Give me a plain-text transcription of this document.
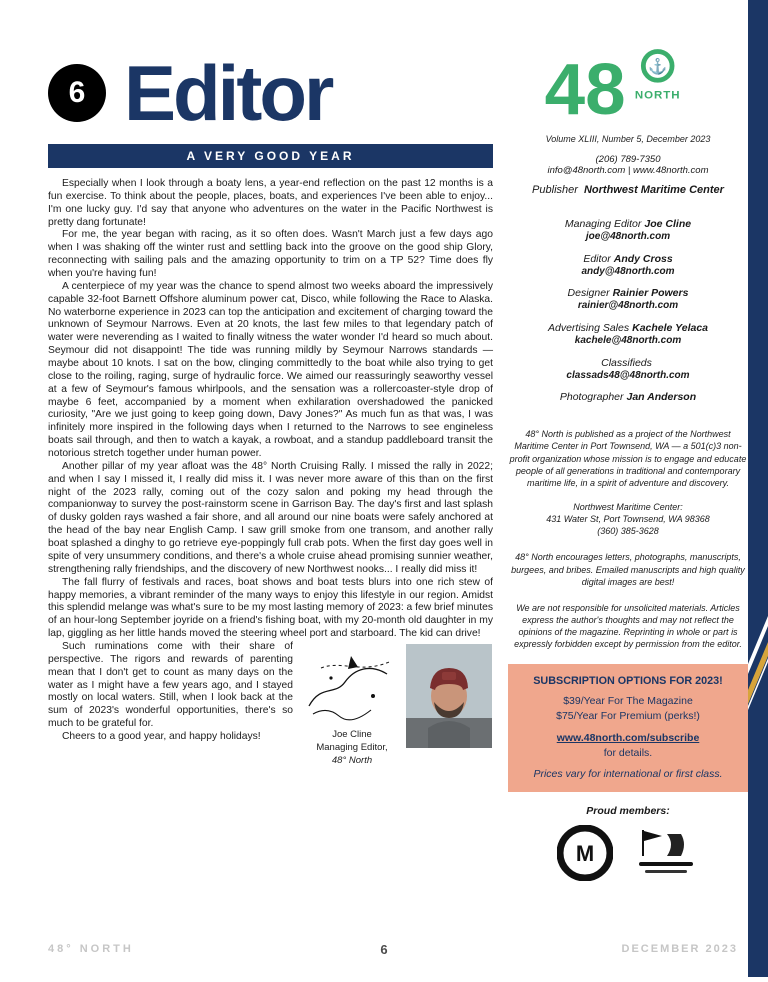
6 Editor
A VERY GOOD YEAR

Especially when I look through a boaty lens, a year-end reflection on the past 12 months is a fun exercise. To think about the people, places, boats, and experiences I've been able to enjoy... I'm one lucky guy. I'd say that anyone who adventures on the water in the Pacific Northwest is pretty dang fortunate!

For me, the year began with racing, as it so often does. Wasn't March just a few days ago when I was shaking off the winter rust and settling back into the groove on the good ship Glory, reconnecting with sailing pals and the amazing opportunity to trim on a TP 52? Time does fly when you're having fun!

A centerpiece of my year was the chance to spend almost two weeks aboard the impressively capable 32-foot Barnett Offshore aluminum power cat, Disco, while following the Race to Alaska. No waterborne experience in 2023 can top the anticipation and excitement of charging toward the unknown of Seymour Narrows. Even at 20 knots, the last few miles to that legendary patch of water were neverending as I waited to finally witness the water wonder I'd heard so much about. Seymour did not disappoint! The tide was running mildly by Seymour Narrows standards — maybe about 10 knots. I sat on the bow, clinging committedly to the boat while also trying to get close to the roiling, raging, surge of hydraulic force. We aimed our reassuringly seaworthy vessel at a few of Seymour's famous whirlpools, and the sensation was a rollercoaster-style drop of maybe 6 feet, accompanied by a moment when exhilaration overshadowed the panicked curiosity, "Are we just going to keep going down, Davy Jones?" As much fun as that was, I was infinitely more inspired in the following days when I returned to the Narrows to see engineless boats sail through, and then to watch a kayak, a rowboat, and a standup paddleboard transit the notorious stretch together under human power.

Another pillar of my year afloat was the 48° North Cruising Rally. I missed the rally in 2022; and when I say I missed it, I really did miss it. I was never more aware of this than on the first night of the 2023 rally, coming out of the cozy salon and poking my head through the companionway to survey the post-rainstorm scene in Garrison Bay. The day's first and last splash of dusky golden rays washed a fair shore, and all around our nine boats were safely anchored at the head of the bay near English Camp. I saw grill smoke from one transom, and another rally boat splashed a dinghy to go retrieve eye-poppingly full crab pots. When the first day goes well in spite of very unsummery conditions, and there's a whole cruise ahead promising sunnier weather, strengthening rally friendships, and the discovery of new Northwest nooks... I really did miss it!

The fall flurry of festivals and races, boat shows and boat tests blurs into one rich stew of happy memories, a vibrant reminder of the many ways to enjoy this lifestyle in our region. Amidst this splendid melange was what's sure to be my most lasting memory of 2023: a few brief minutes of an hour-long September joyride on a friend's fishing boat, with my 20-month old daughter in my lap, giggling as her little hands moved the steering wheel port and starboard. The kid can drive!

Joe Cline
Managing Editor,
48° North

Such ruminations come with their share of perspective. The rigors and rewards of parenting mean that I don't get to count as many days on the water as I might have a few years ago, and I stayed mostly on local waters. Still, when I look back at the sum of 2023's wonderful opportunities, there's so much to be grateful for.

Cheers to a good year, and happy holidays!

48 ⚓
NORTH
Volume XLIII, Number 5, December 2023
(206) 789-7350
info@48north.com | www.48north.com
Publisher Northwest Maritime Center
Managing Editor Joe Cline
joe@48north.com
Editor Andy Cross
andy@48north.com
Designer Rainier Powers
rainier@48north.com
Advertising Sales Kachele Yelaca
kachele@48north.com
Classifieds
classads48@48north.com
Photographer Jan Anderson
48° North is published as a project of the Northwest Maritime Center in Port Townsend, WA — a 501(c)3 non-profit organization whose mission is to engage and educate people of all generations in traditional and contemporary maritime life, in a spirit of adventure and discovery.
Northwest Maritime Center:
431 Water St, Port Townsend, WA 98368
(360) 385-3628
48° North encourages letters, photographs, manuscripts, burgees, and bribes. Emailed manuscripts and high quality digital images are best!
We are not responsible for unsolicited materials. Articles express the author's thoughts and may not reflect the opinions of the magazine. Reprinting in whole or part is expressly forbidden except by permission from the editor.
SUBSCRIPTION OPTIONS FOR 2023!
$39/Year For The Magazine
$75/Year For Premium (perks!)
www.48north.com/subscribe
for details.
Prices vary for international or first class.
Proud members:
M
48° NORTH	6	DECEMBER 2023
